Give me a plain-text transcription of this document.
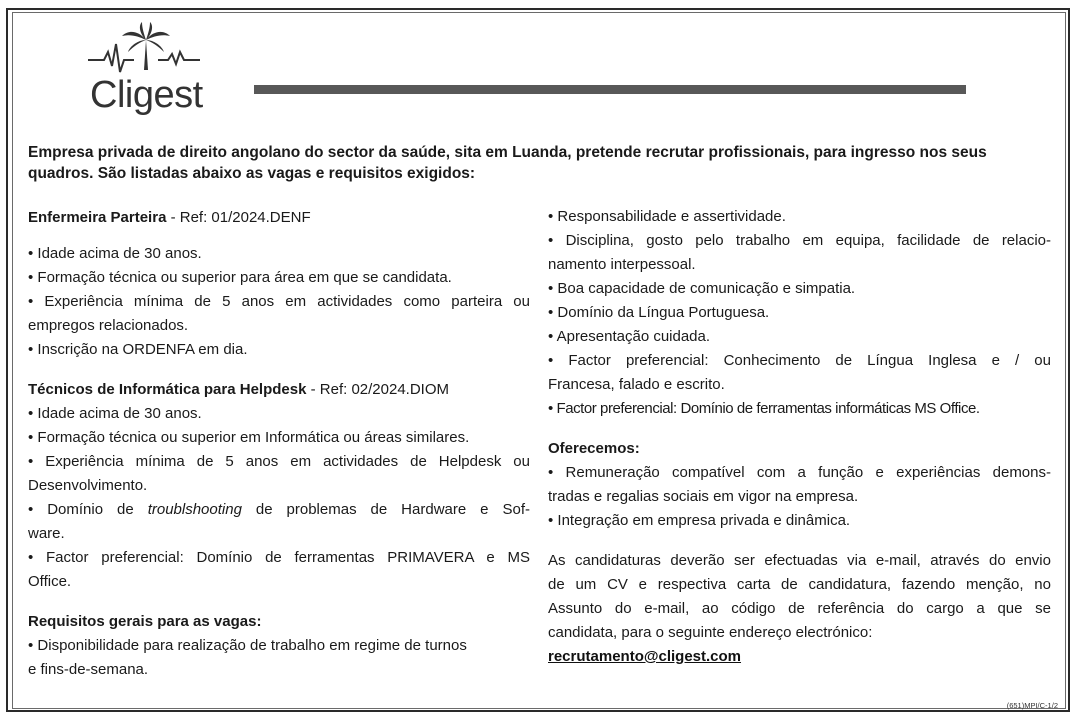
Cligest
Empresa privada de direito angolano do sector da saúde, sita em Luanda, pretende recrutar profissionais, para ingresso nos seus quadros. São listadas abaixo as vagas e requisitos exigidos:
Enfermeira Parteira - Ref: 01/2024.DENF
• Idade acima de 30 anos.
• Formação técnica ou superior para área em que se candidata.
• Experiência mínima de 5 anos em actividades como parteira ou
empregos relacionados.
• Inscrição na ORDENFA em dia.
Técnicos de Informática para Helpdesk - Ref: 02/2024.DIOM
• Idade acima de 30 anos.
• Formação técnica ou superior em Informática ou áreas similares.
• Experiência mínima de 5 anos em actividades de Helpdesk ou
Desenvolvimento.
• Domínio de troublshooting de problemas de Hardware e Sof-
ware.
• Factor preferencial: Domínio de ferramentas PRIMAVERA e MS
Office.
Requisitos gerais para as vagas:
• Disponibilidade para realização de trabalho em regime de turnos
e fins-de-semana.
• Responsabilidade e assertividade.
• Disciplina, gosto pelo trabalho em equipa, facilidade de relacio-
namento interpessoal.
• Boa capacidade de comunicação e simpatia.
• Domínio da Língua Portuguesa.
• Apresentação cuidada.
• Factor preferencial: Conhecimento de Língua Inglesa e / ou
Francesa, falado e escrito.
• Factor preferencial: Domínio de ferramentas informáticas MS Office.
Oferecemos:
• Remuneração compatível com a função e experiências demons-
tradas e regalias sociais em vigor na empresa.
• Integração em empresa privada e dinâmica.
As candidaturas deverão ser efectuadas via e-mail, através do envio
de um CV e respectiva carta de candidatura, fazendo menção, no
Assunto do e-mail, ao código de referência do cargo a que se
candidata, para o seguinte endereço electrónico:
recrutamento@cligest.com
(651)MPI/C-1/2
